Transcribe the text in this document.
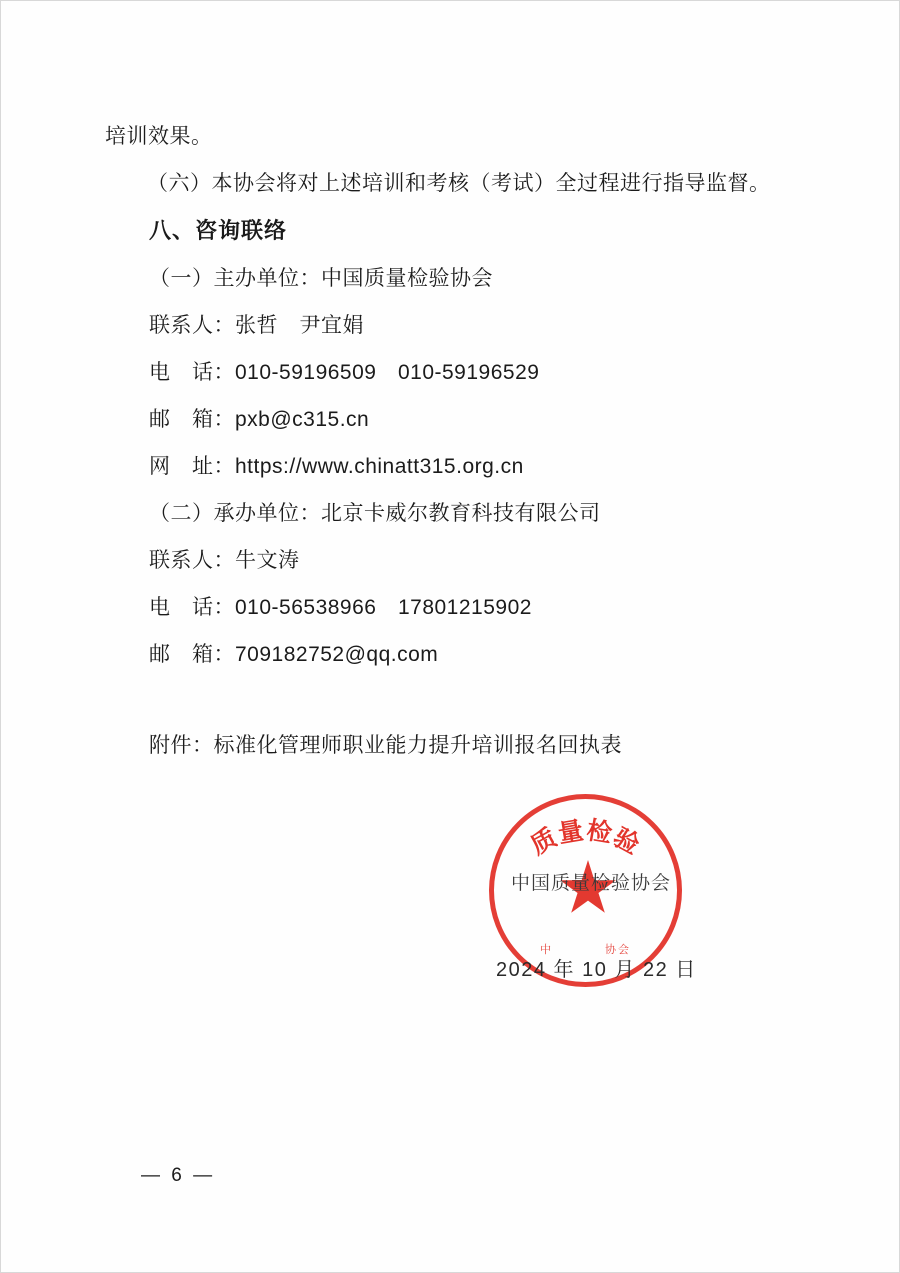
培训效果。
（六）本协会将对上述培训和考核（考试）全过程进行指导监督。
八、咨询联络
（一）主办单位：中国质量检验协会
联系人：张哲　尹宜娟
电　话：010-59196509　010-59196529
邮　箱：pxb@c315.cn
网　址：https://www.chinatt315.org.cn
（二）承办单位：北京卡威尔教育科技有限公司
联系人：牛文涛
电　话：010-56538966　17801215902
邮　箱：709182752@qq.com
附件：标准化管理师职业能力提升培训报名回执表
质量检验
中　　　　协会
中国质量检验协会
2024 年 10 月 22 日
— 6 —
